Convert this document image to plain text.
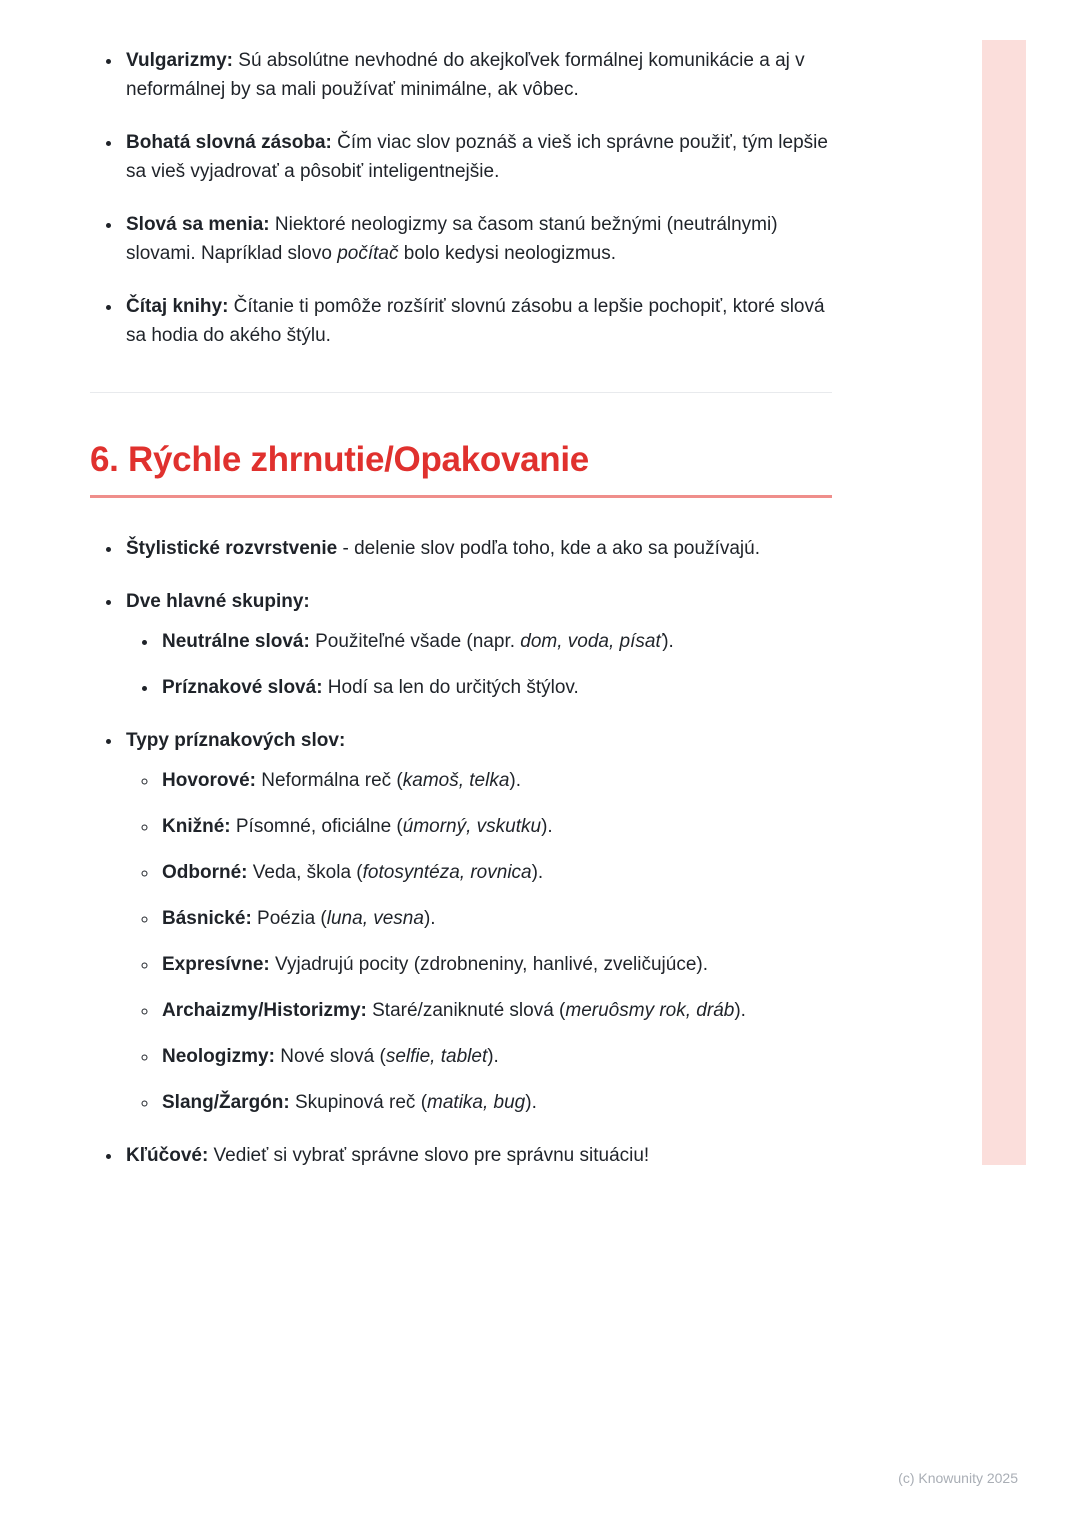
• Vulgarizmy: Sú absolútne nevhodné do akejkoľvek formálnej komunikácie a aj v neformálnej by sa mali používať minimálne, ak vôbec.
• Bohatá slovná zásoba: Čím viac slov poznáš a vieš ich správne použiť, tým lepšie sa vieš vyjadrovať a pôsobiť inteligentnejšie.
• Slová sa menia: Niektoré neologizmy sa časom stanú bežnými (neutrálnymi) slovami. Napríklad slovo počítač bolo kedysi neologizmus.
• Čítaj knihy: Čítanie ti pomôže rozšíriť slovnú zásobu a lepšie pochopiť, ktoré slová sa hodia do akého štýlu.
6. Rýchle zhrnutie/Opakovanie
• Štylistické rozvrstvenie - delenie slov podľa toho, kde a ako sa používajú.
• Dve hlavné skupiny:
• Neutrálne slová: Použiteľné všade (napr. dom, voda, písať).
• Príznakové slová: Hodí sa len do určitých štýlov.
• Typy príznakových slov:
◦ Hovorové: Neformálna reč (kamoš, telka).
◦ Knižné: Písomné, oficiálne (úmorný, vskutku).
◦ Odborné: Veda, škola (fotosyntéza, rovnica).
◦ Básnické: Poézia (luna, vesna).
◦ Expresívne: Vyjadrujú pocity (zdrobneniny, hanlivé, zveličujúce).
◦ Archaizmy/Historizmy: Staré/zaniknuté slová (meruôsmy rok, dráb).
◦ Neologizmy: Nové slová (selfie, tablet).
◦ Slang/Žargón: Skupinová reč (matika, bug).
• Kľúčové: Vedieť si vybrať správne slovo pre správnu situáciu!
(c) Knowunity 2025
